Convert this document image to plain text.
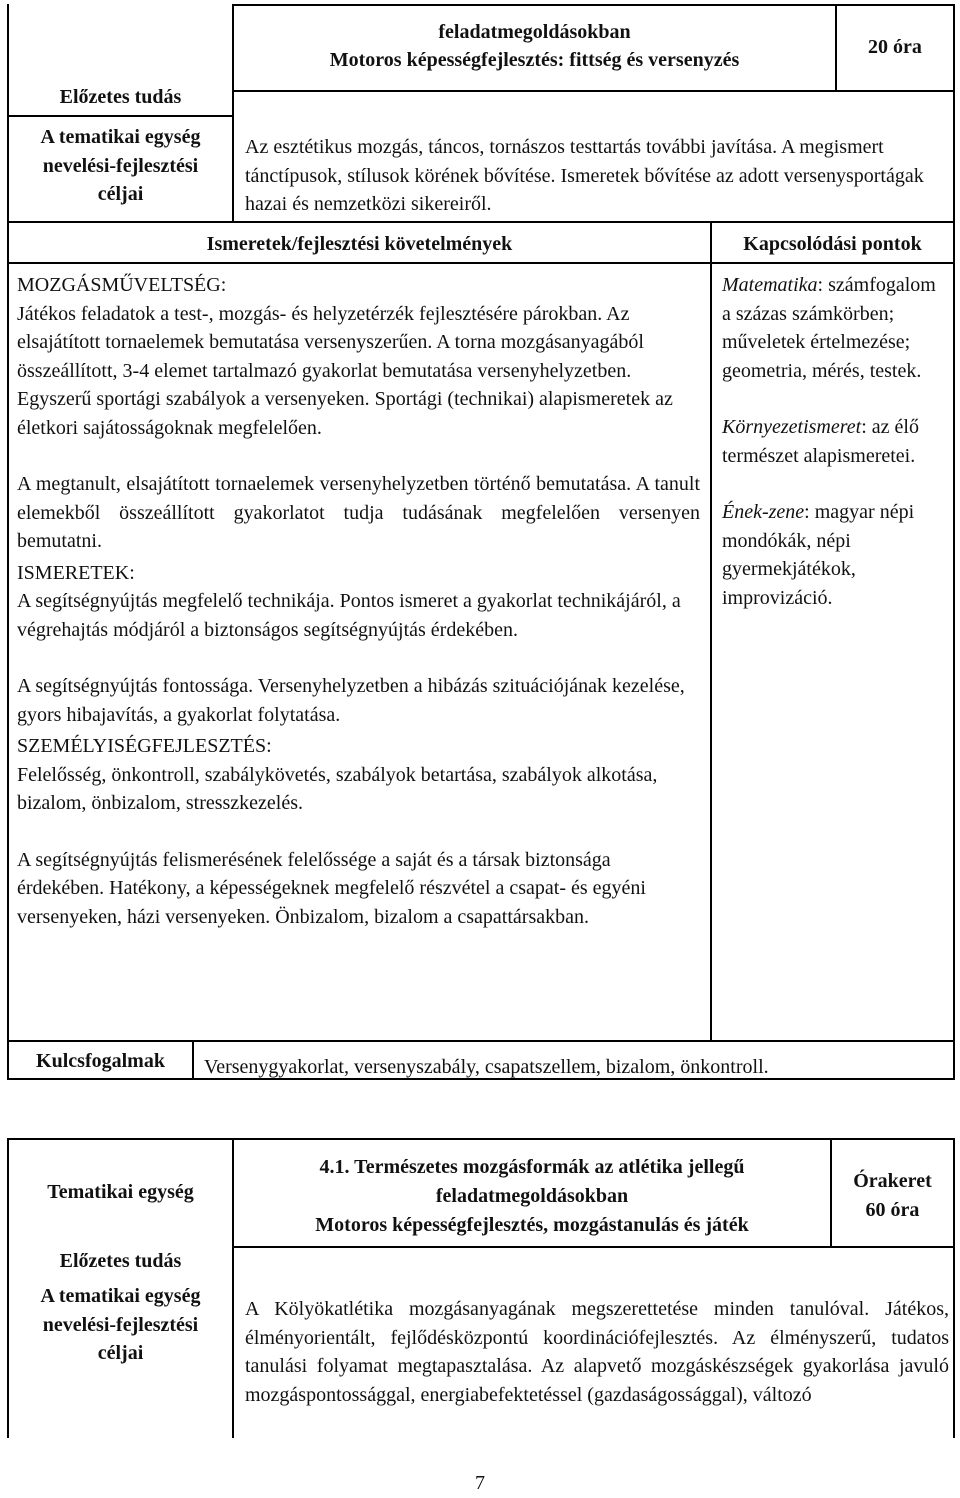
feladatmegoldásokban

Motoros képességfejlesztés: fittség és versenyzés

20 óra
Előzetes tudás

A tematikai egység

nevelési-fejlesztési

céljai

Az esztétikus mozgás, táncos, tornászos testtartás további javítása. A megismert tánctípusok, stílusok körének bővítése. Ismeretek bővítése az adott versenysportágak hazai és nemzetközi sikereiről.
Ismeretek/fejlesztési követelmények	Kapcsolódási pontok

MOZGÁSMŰVELTSÉG:

Játékos feladatok a test-, mozgás- és helyzetérzék fejlesztésére párokban. Az elsajátított tornaelemek bemutatása versenyszerűen. A torna mozgásanyagából összeállított, 3-4 elemet tartalmazó gyakorlat bemutatása versenyhelyzetben. Egyszerű sportági szabályok a versenyeken. Sportági (technikai) alapismeretek az életkori sajátosságoknak megfelelően.

A megtanult, elsajátított tornaelemek versenyhelyzetben történő bemutatása. A tanult elemekből összeállított gyakorlatot tudja tudásának megfelelően versenyen bemutatni.

ISMERETEK:

A segítségnyújtás megfelelő technikája. Pontos ismeret a gyakorlat technikájáról, a végrehajtás módjáról a biztonságos segítségnyújtás érdekében.

A segítségnyújtás fontossága. Versenyhelyzetben a hibázás szituációjának kezelése, gyors hibajavítás, a gyakorlat folytatása.

SZEMÉLYISÉGFEJLESZTÉS:

Felelősség, önkontroll, szabálykövetés, szabályok betartása, szabályok alkotása, bizalom, önbizalom, stresszkezelés.

A segítségnyújtás felismerésének felelőssége a saját és a társak biztonsága érdekében. Hatékony, a képességeknek megfelelő részvétel a csapat- és egyéni versenyeken, házi versenyeken. Önbizalom, bizalom a csapattársakban.

Matematika: számfogalom a százas számkörben; műveletek értelmezése; geometria, mérés, testek.

Környezetismeret: az élő természet alapismeretei.

Ének-zene: magyar népi mondókák, népi gyermekjátékok, improvizáció.

Kulcsfogalmak	Versenygyakorlat, versenyszabály, csapatszellem, bizalom, önkontroll.
Tematikai egység
Előzetes tudás

A tematikai egység

nevelési-fejlesztési

céljai

4.1. Természetes mozgásformák az atlétika jellegű

feladatmegoldásokban

Motoros képességfejlesztés, mozgástanulás és játék

Órakeret

60 óra

A Kölyökatlétika mozgásanyagának megszerettetése minden tanulóval. Játékos, élményorientált, fejlődésközpontú koordinációfejlesztés. Az élményszerű, tudatos tanulási folyamat megtapasztalása. Az alapvető mozgáskészségek gyakorlása javuló mozgáspontossággal, energiabefektetéssel (gazdaságossággal), változó
7
